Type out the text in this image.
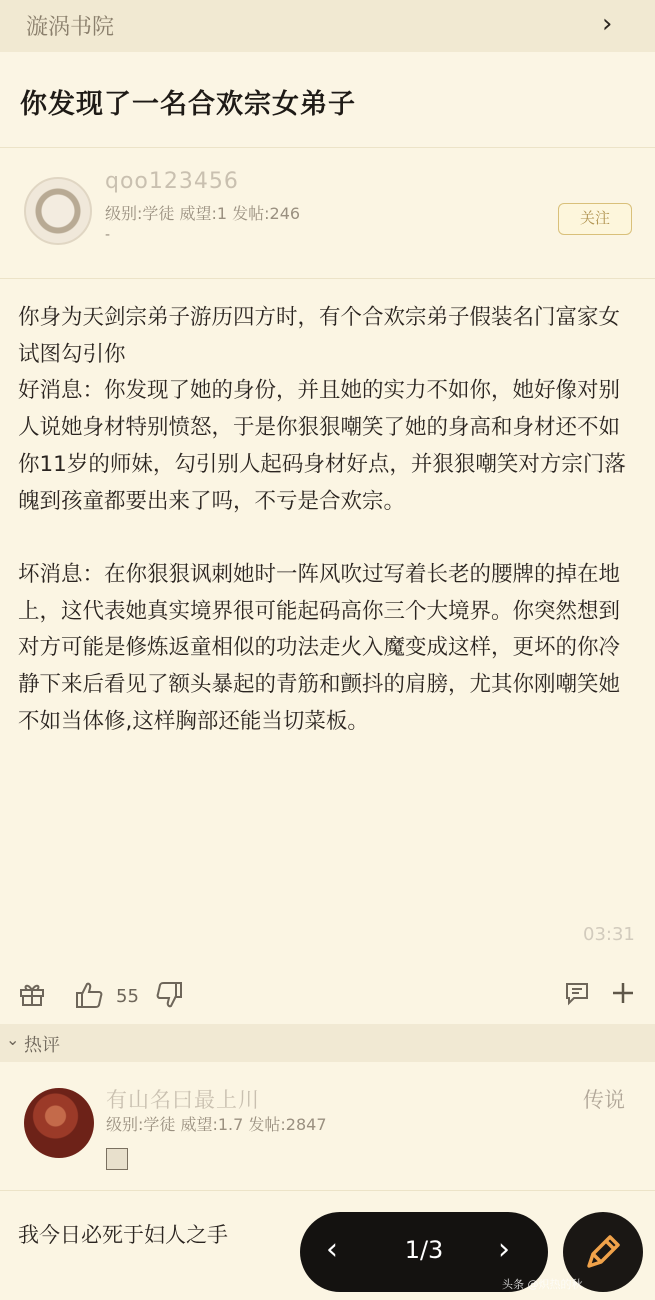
漩涡书院	›
你发现了一名合欢宗女弟子
qoo123456
级别:学徒 威望:1 发帖:246
-
关注

你身为天剑宗弟子游历四方时，有个合欢宗弟子假装名门富家女试图勾引你

好消息：你发现了她的身份，并且她的实力不如你，她好像对别人说她身材特别愤怒，于是你狠狠嘲笑了她的身高和身材还不如你11岁的师妹，勾引别人起码身材好点，并狠狠嘲笑对方宗门落魄到孩童都要出来了吗，不亏是合欢宗。

坏消息：在你狠狠讽刺她时一阵风吹过写着长老的腰牌的掉在地上，这代表她真实境界很可能起码高你三个大境界。你突然想到对方可能是修炼返童相似的功法走火入魔变成这样，更坏的你冷静下来后看见了额头暴起的青筋和颤抖的肩膀，尤其你刚嘲笑她不如当体修,这样胸部还能当切菜板。

03:31
55
⌄ 热评
有山名曰最上川
级别:学徒 威望:1.7 发帖:2847
传说
我今日必死于妇人之手	‹	1/3	›
头条 @炽热的秋
